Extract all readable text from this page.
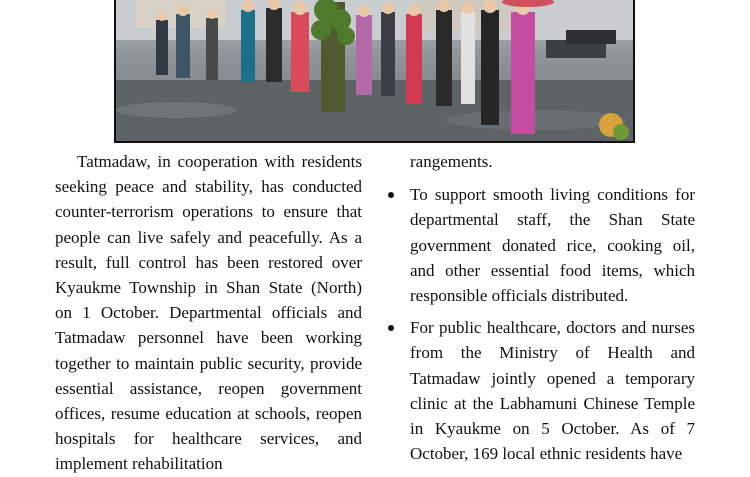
Tatmadaw, in cooperation with residents seeking peace and stability, has conducted counter-terrorism operations to ensure that people can live safely and peacefully. As a result, full control has been restored over Kyaukme Township in Shan State (North) on 1 October. Departmental officials and Tatmadaw personnel have been working together to maintain public security, provide essential assistance, reopen government offices, resume education at schools, reopen hospitals for healthcare services, and implement rehabilitation

rangements.

To support smooth living conditions for departmental staff, the Shan State government donated rice, cooking oil, and other essential food items, which responsible officials distributed.

For public healthcare, doctors and nurses from the Ministry of Health and Tatmadaw jointly opened a temporary clinic at the Labhamuni Chinese Temple in Kyaukme on 5 October. As of 7 October, 169 local ethnic residents have
